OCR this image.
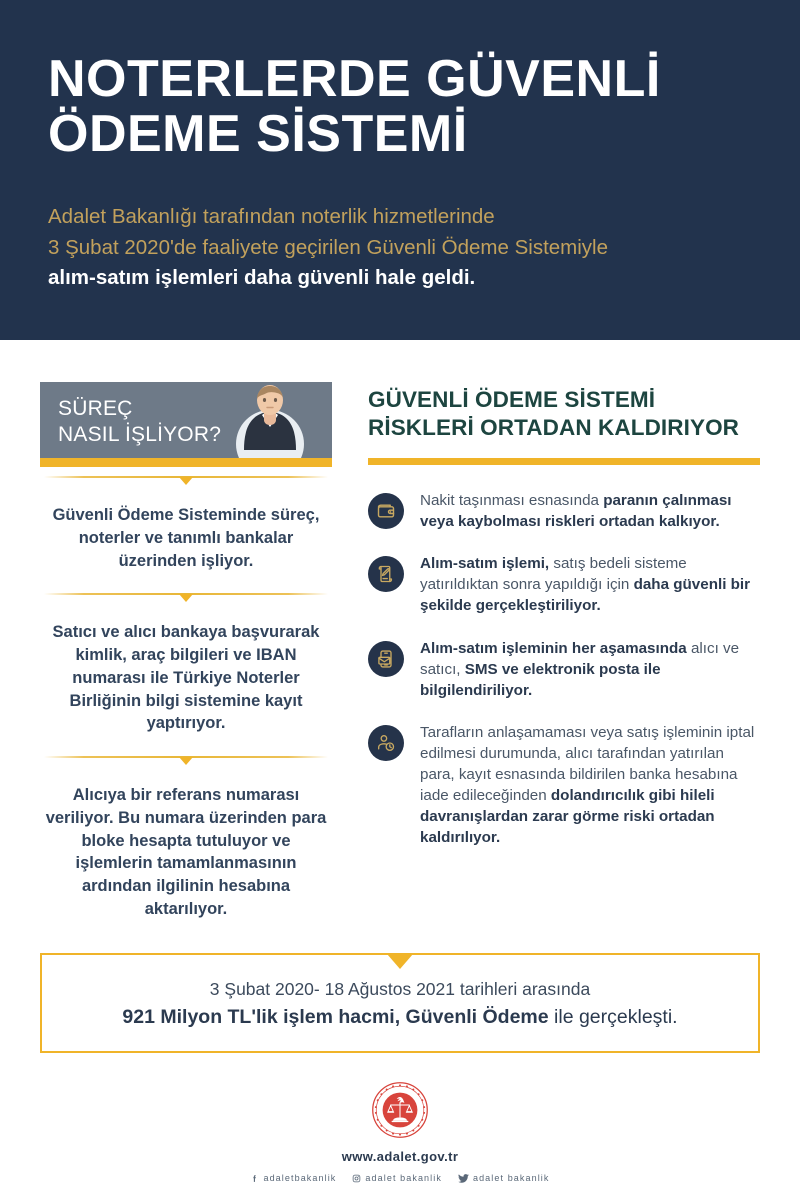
NOTERLERDE GÜVENLİ
ÖDEME SİSTEMİ
Adalet Bakanlığı tarafından noterlik hizmetlerinde
3 Şubat 2020'de faaliyete geçirilen Güvenli Ödeme Sistemiyle
alım-satım işlemleri daha güvenli hale geldi.
SÜREÇ
NASIL İŞLİYOR?
Güvenli Ödeme Sisteminde süreç, noterler ve tanımlı bankalar üzerinden işliyor.
Satıcı ve alıcı bankaya başvurarak kimlik, araç bilgileri ve IBAN numarası ile Türkiye Noterler Birliğinin bilgi sistemine kayıt yaptırıyor.
Alıcıya bir referans numarası veriliyor. Bu numara üzerinden para bloke hesapta tutuluyor ve işlemlerin tamamlanmasının ardından ilgilinin hesabına aktarılıyor.
GÜVENLİ ÖDEME SİSTEMİ
RİSKLERİ ORTADAN KALDIRIYOR
Nakit taşınması esnasında paranın çalınması veya kaybolması riskleri ortadan kalkıyor.
Alım-satım işlemi, satış bedeli sisteme yatırıldıktan sonra yapıldığı için daha güvenli bir şekilde gerçekleştiriliyor.
Alım-satım işleminin her aşamasında alıcı ve satıcı, SMS ve elektronik posta ile bilgilendiriliyor.
Tarafların anlaşamaması veya satış işleminin iptal edilmesi durumunda, alıcı tarafından yatırılan para, kayıt esnasında bildirilen banka hesabına iade edileceğinden dolandırıcılık gibi hileli davranışlardan zarar görme riski ortadan kaldırılıyor.
3 Şubat 2020- 18 Ağustos 2021 tarihleri arasında
921 Milyon TL'lik işlem hacmi, Güvenli Ödeme ile gerçekleşti.
www.adalet.gov.tr
adaletbakanlik	adalet bakanlik	adalet bakanlik
